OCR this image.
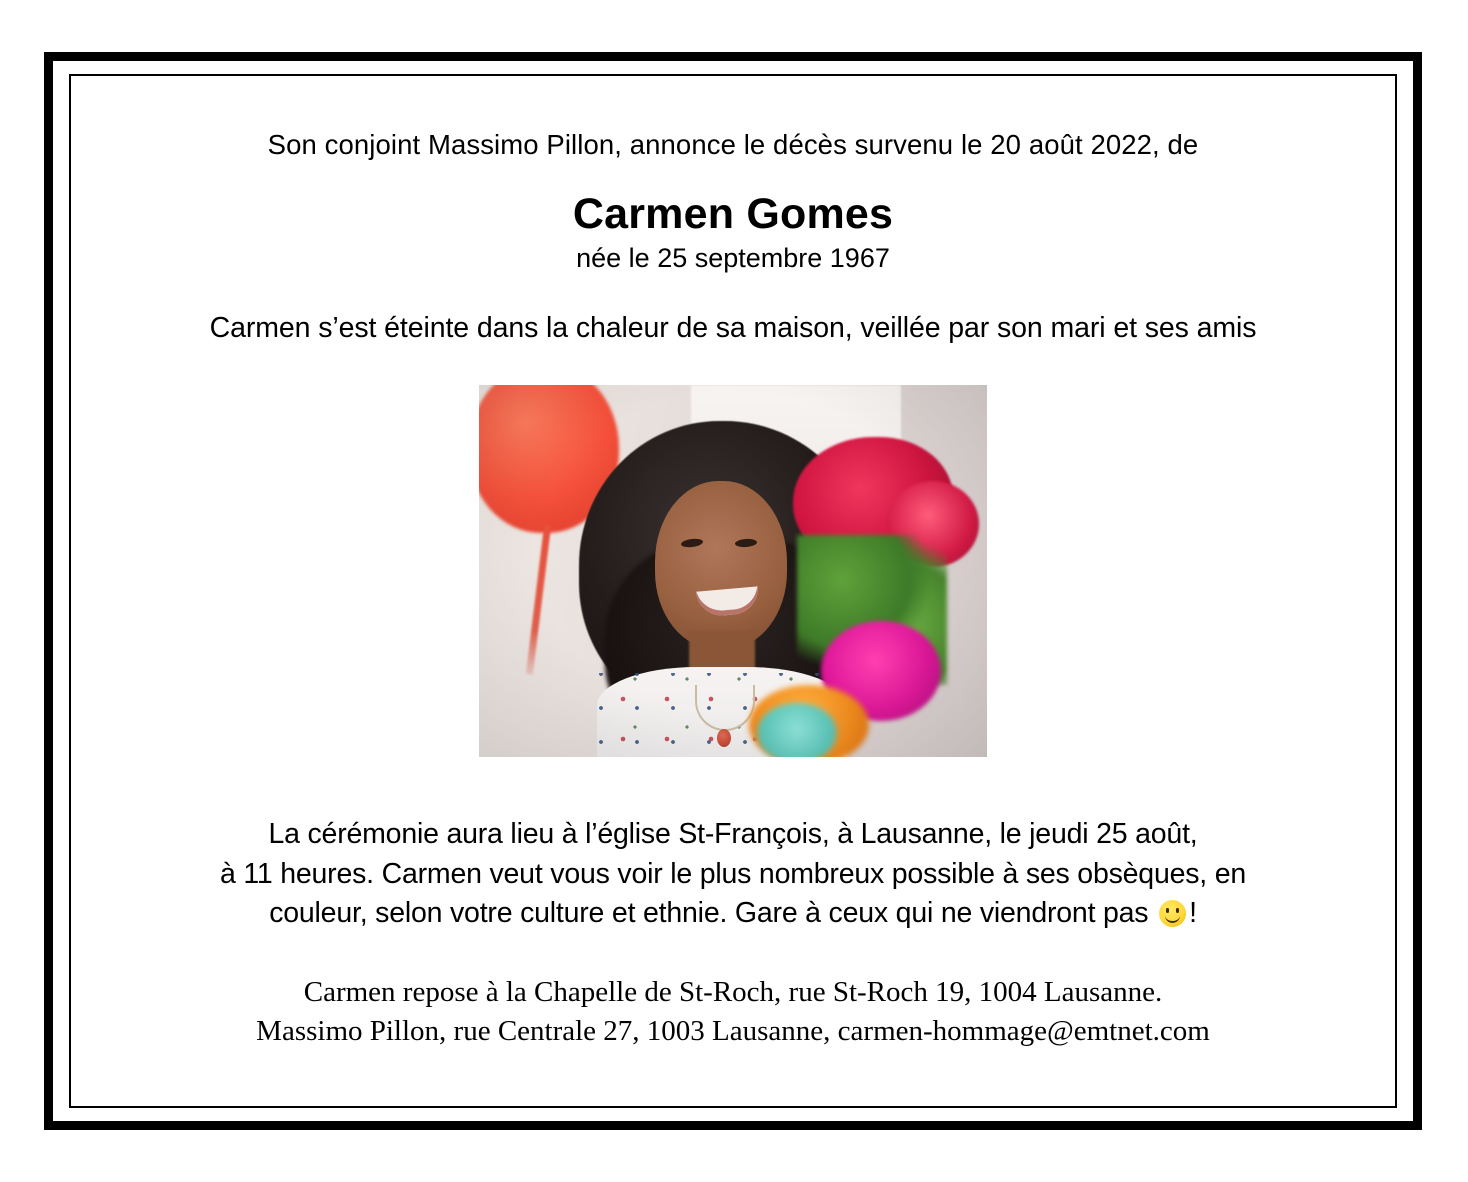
Son conjoint Massimo Pillon, annonce le décès survenu le 20 août 2022, de
Carmen Gomes
née le 25 septembre 1967
Carmen s’est éteinte dans la chaleur de sa maison, veillée par son mari et ses amis
La cérémonie aura lieu à l’église St-François, à Lausanne, le jeudi 25 août,
à 11 heures. Carmen veut vous voir le plus nombreux possible à ses obsèques, en
couleur, selon votre culture et ethnie. Gare à ceux qui ne viendront pas !
Carmen repose à la Chapelle de St-Roch, rue St-Roch 19, 1004 Lausanne.
Massimo Pillon, rue Centrale 27, 1003 Lausanne, carmen-hommage@emtnet.com
